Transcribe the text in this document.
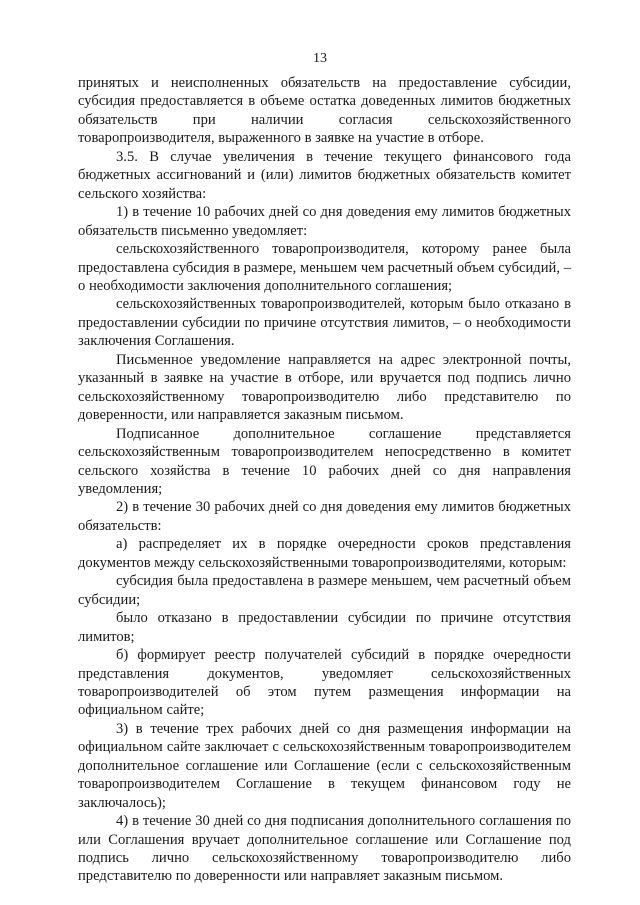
13

принятых и неисполненных обязательств на предоставление субсидии, субсидия предоставляется в объеме остатка доведенных лимитов бюджетных обязательств при наличии согласия сельскохозяйственного товаропроизводителя, выраженного в заявке на участие в отборе.

3.5. В случае увеличения в течение текущего финансового года бюджетных ассигнований и (или) лимитов бюджетных обязательств комитет сельского хозяйства:

1) в течение 10 рабочих дней со дня доведения ему лимитов бюджетных обязательств письменно уведомляет:

сельскохозяйственного товаропроизводителя, которому ранее была предоставлена субсидия в размере, меньшем чем расчетный объем субсидий, – о необходимости заключения дополнительного соглашения;

сельскохозяйственных товаропроизводителей, которым было отказано в предоставлении субсидии по причине отсутствия лимитов, – о необходимости заключения Соглашения.

Письменное уведомление направляется на адрес электронной почты, указанный в заявке на участие в отборе, или вручается под подпись лично сельскохозяйственному товаропроизводителю либо представителю по доверенности, или направляется заказным письмом.

Подписанное дополнительное соглашение представляется сельскохозяйственным товаропроизводителем непосредственно в комитет сельского хозяйства в течение 10 рабочих дней со дня направления уведомления;

2) в течение 30 рабочих дней со дня доведения ему лимитов бюджетных обязательств:

а) распределяет их в порядке очередности сроков представления документов между сельскохозяйственными товаропроизводителями, которым:

субсидия была предоставлена в размере меньшем, чем расчетный объем субсидии;

было отказано в предоставлении субсидии по причине отсутствия лимитов;

б) формирует реестр получателей субсидий в порядке очередности представления документов, уведомляет сельскохозяйственных товаропроизводителей об этом путем размещения информации на официальном сайте;

3) в течение трех рабочих дней со дня размещения информации на официальном сайте заключает с сельскохозяйственным товаропроизводителем дополнительное соглашение или Соглашение (если с сельскохозяйственным товаропроизводителем Соглашение в текущем финансовом году не заключалось);

4) в течение 30 дней со дня подписания дополнительного соглашения по или Соглашения вручает дополнительное соглашение или Соглашение под подпись лично сельскохозяйственному товаропроизводителю либо представителю по доверенности или направляет заказным письмом.
